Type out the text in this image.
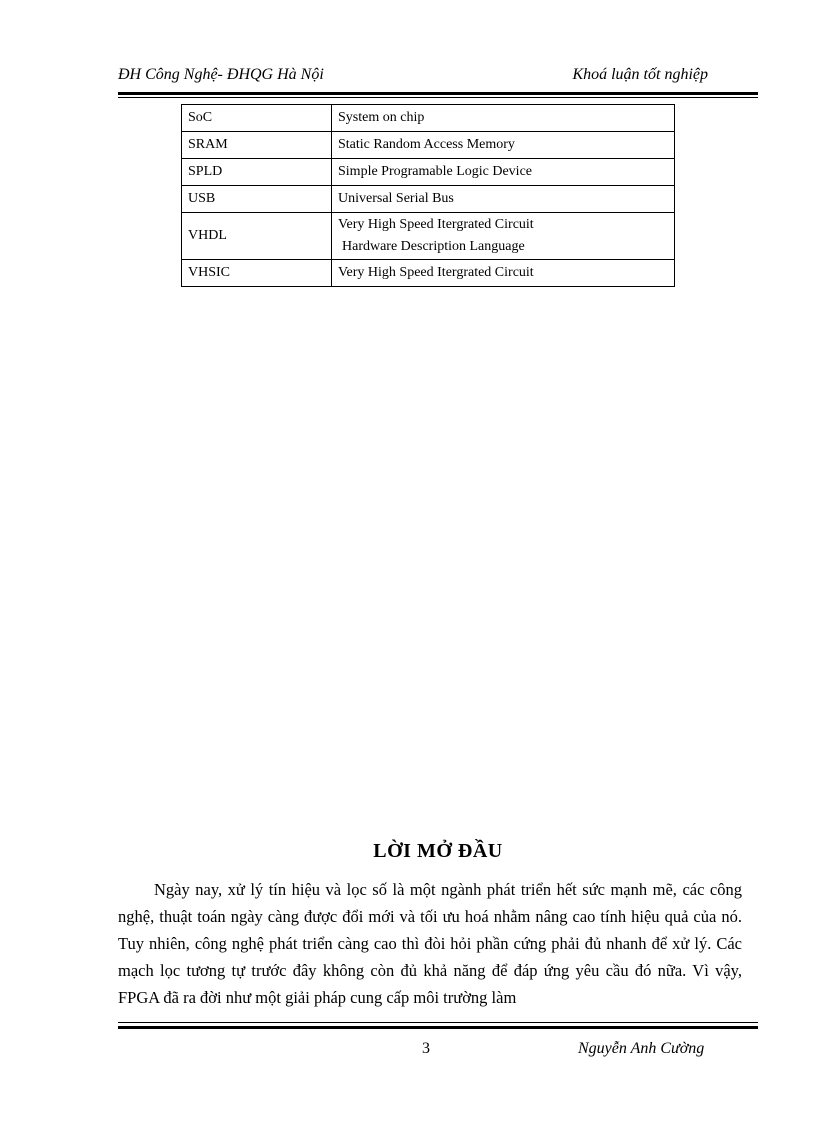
ĐH Công Nghệ- ĐHQG Hà Nội	Khoá luận tốt nghiệp
SoC	System on chip
SRAM	Static Random Access Memory
SPLD	Simple Programable Logic Device
USB	Universal Serial Bus
VHDL	Very High Speed Itergrated Circuit
Hardware Description Language

VHSIC	Very High Speed Itergrated Circuit
LỜI MỞ ĐẦU

Ngày nay, xử lý tín hiệu và lọc số là một ngành phát triển hết sức mạnh mẽ, các công nghệ, thuật toán ngày càng được đổi mới và tối ưu hoá nhằm nâng cao tính hiệu quả của nó. Tuy nhiên, công nghệ phát triển càng cao thì đòi hỏi phần cứng phải đủ nhanh để xử lý. Các mạch lọc tương tự trước đây không còn đủ khả năng để đáp ứng yêu cầu đó nữa. Vì vậy, FPGA đã ra đời như một giải pháp cung cấp môi trường làm

3	Nguyễn Anh Cường
